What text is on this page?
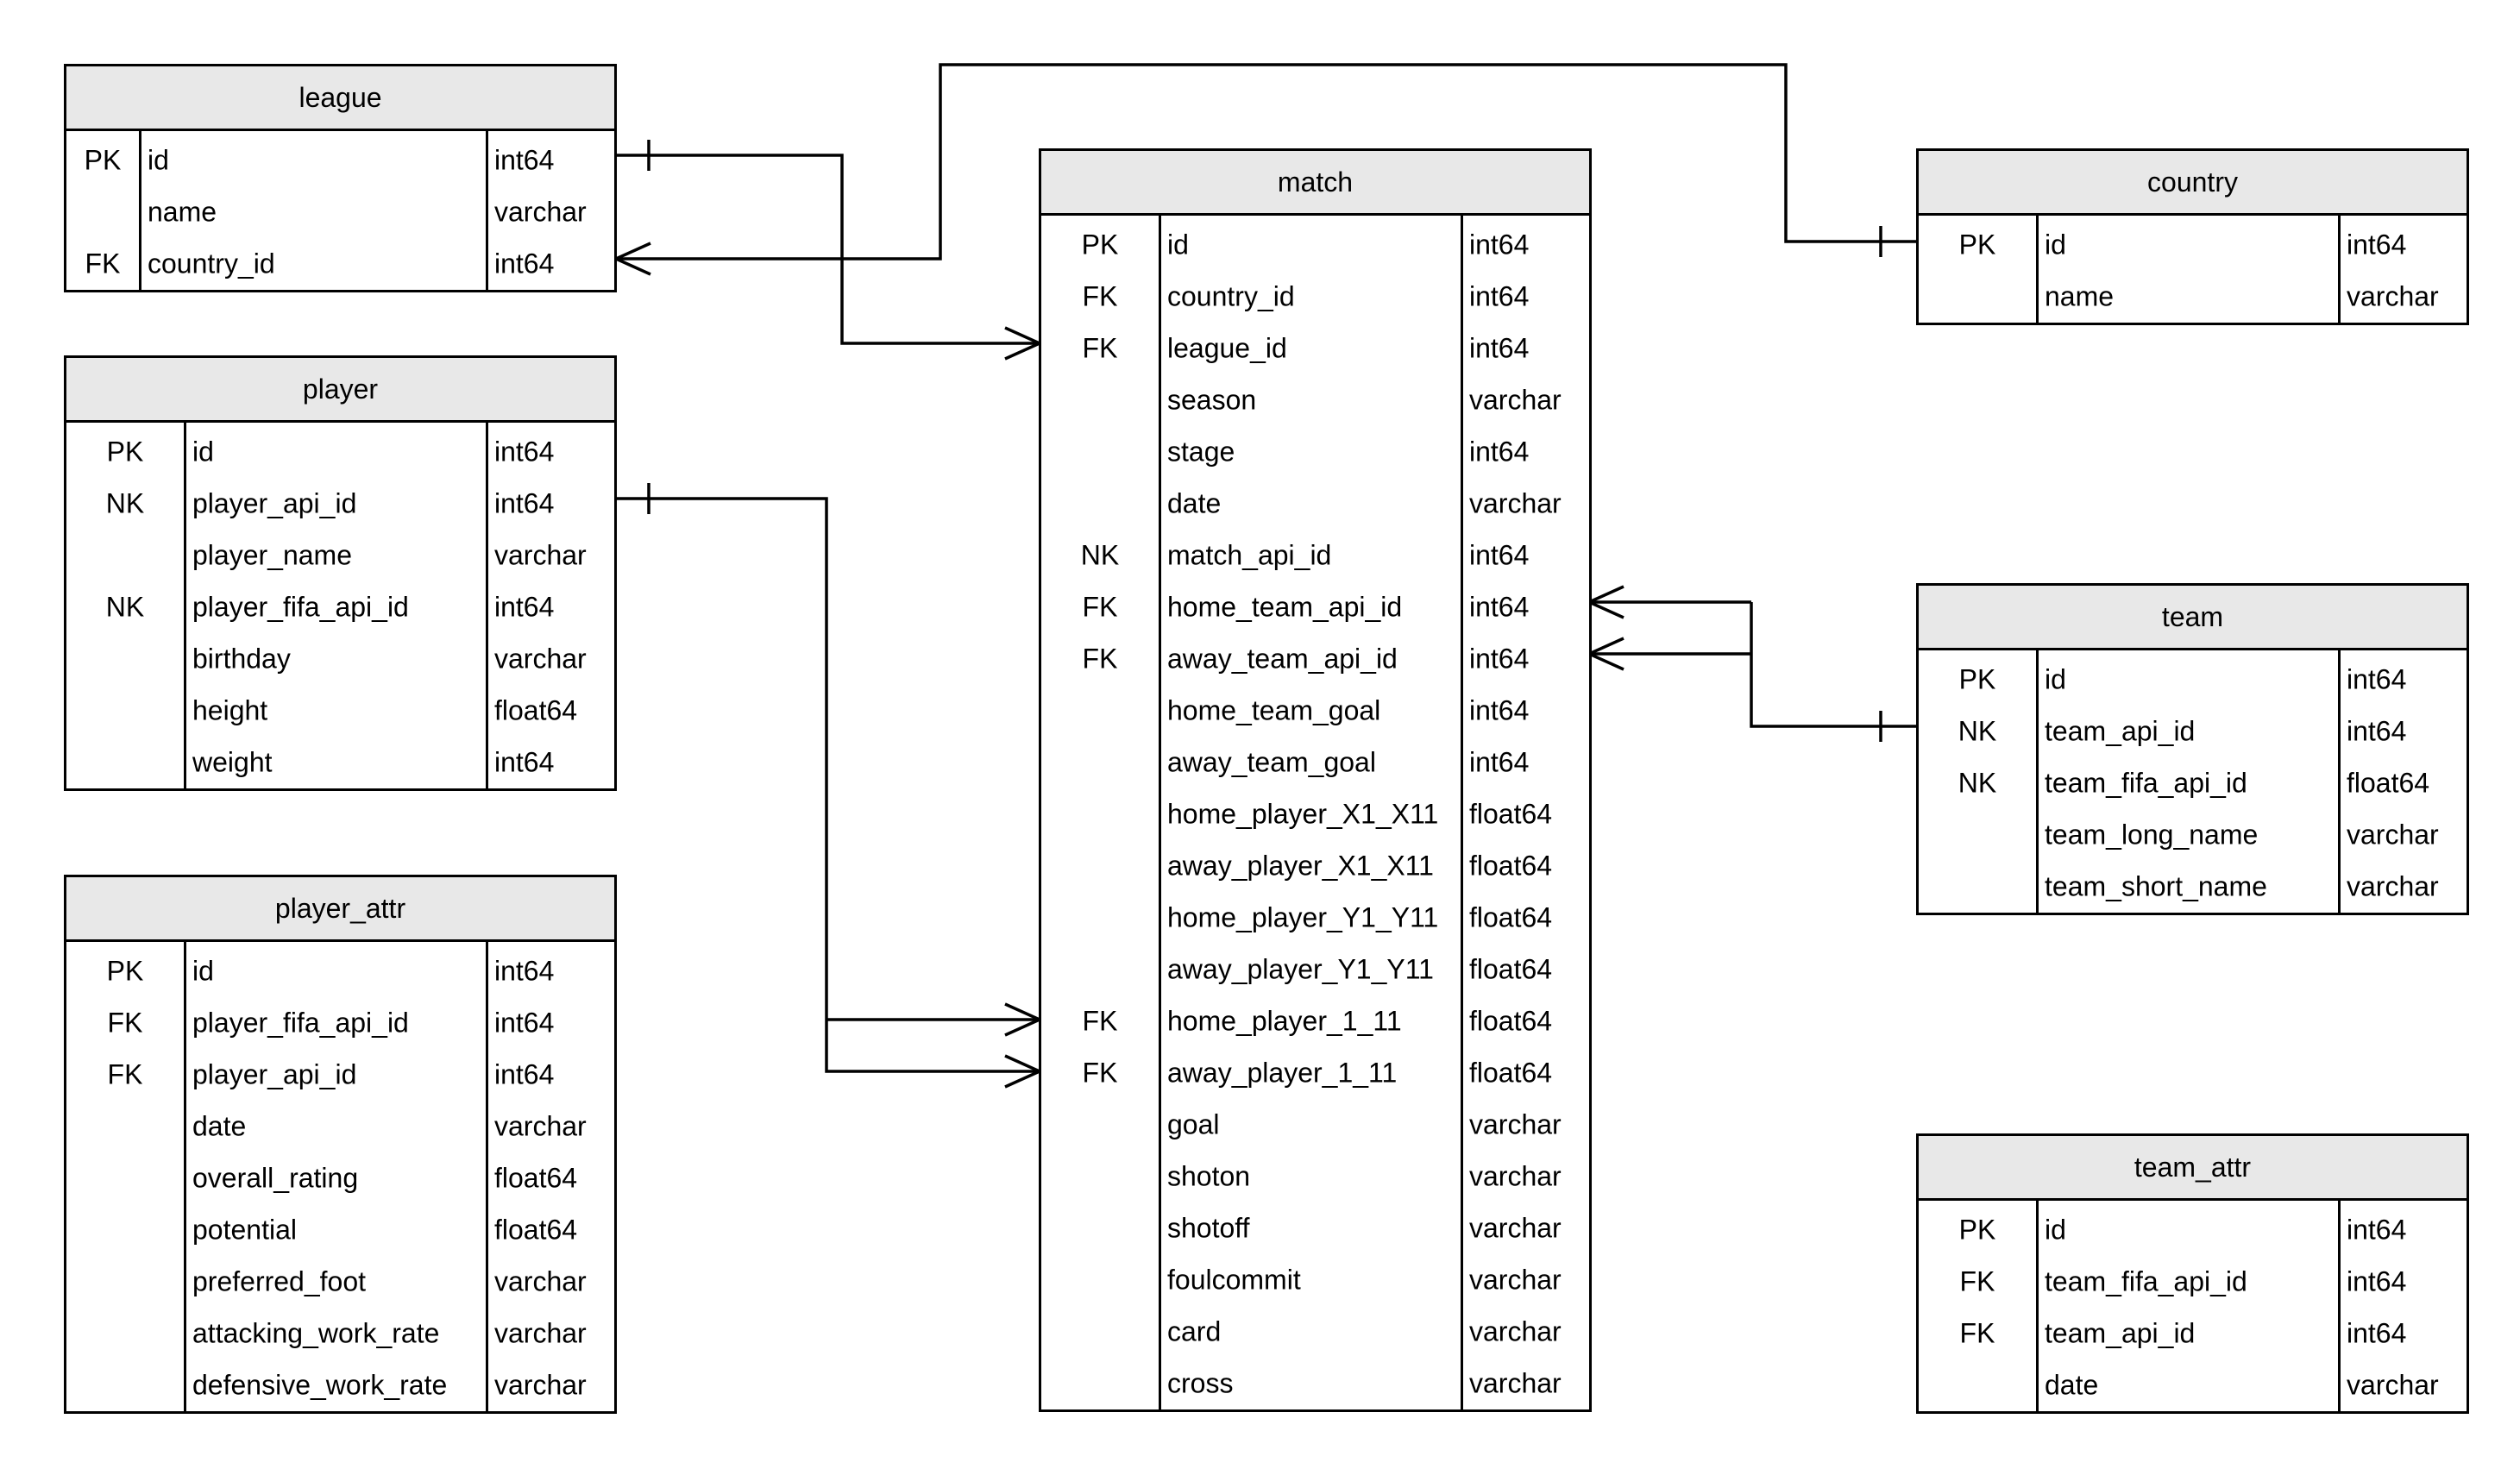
league
PK id	int64
name	varchar
FK country_id	int64
player
PK	id	int64
NK	player_api_id	int64
player_name	varchar
NK	player_fifa_api_id	int64
birthday	varchar
height	float64
weight	int64
player_attr
PK	id	int64
FK	player_fifa_api_id	int64
FK	player_api_id	int64
date	varchar
overall_rating	float64
potential	float64
preferred_foot	varchar
attacking_work_rate varchar
defensive_work_rate varchar
match
PK	id	int64
FK	country_id	int64
FK	league_id	int64
season	varchar
stage	int64
date	varchar
NK	match_api_id	int64
FK	home_team_api_id int64
FK	away_team_api_id	int64
home_team_goal	int64
away_team_goal	int64
home_player_X1_X11 float64
away_player_X1_X11 float64
home_player_Y1_Y11 float64
away_player_Y1_Y11 float64
FK	home_player_1_11 float64
FK	away_player_1_11	float64
goal	varchar
shoton	varchar
shotoff	varchar
foulcommit	varchar
card	varchar
cross	varchar
country
PK	id	int64
name	varchar
team
PK	id	int64
NK	team_api_id	int64
NK	team_fifa_api_id	float64
team_long_name	varchar
team_short_name	varchar
team_attr
PK	id	int64
FK	team_fifa_api_id	int64
FK	team_api_id	int64
date	varchar
